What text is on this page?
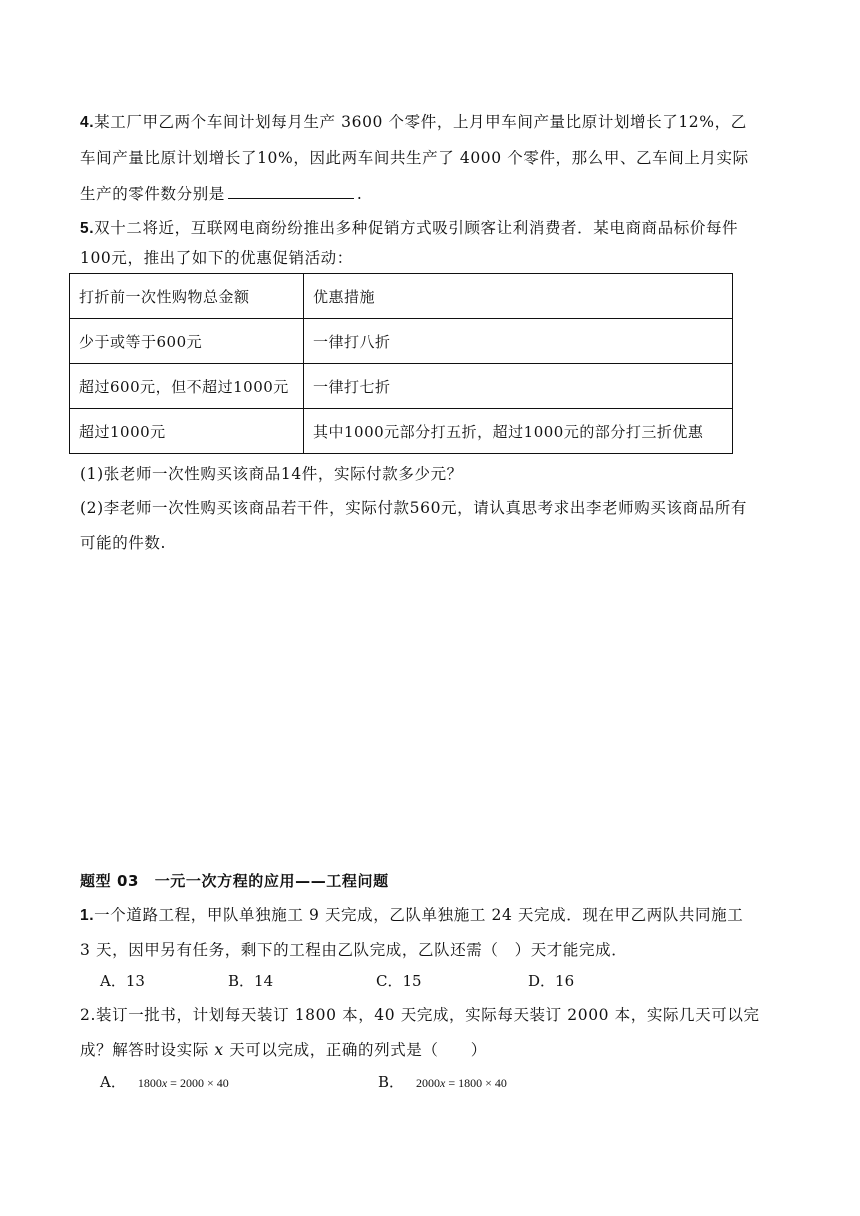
4.某工厂甲乙两个车间计划每月生产 3600 个零件，上月甲车间产量比原计划增长了12%，乙
车间产量比原计划增长了10%，因此两车间共生产了 4000 个零件，那么甲、乙车间上月实际
生产的零件数分别是	.
5.双十二将近，互联网电商纷纷推出多种促销方式吸引顾客让利消费者．某电商商品标价每件
100元，推出了如下的优惠促销活动：
打折前一次性购物总金额	优惠措施
少于或等于600元	一律打八折
超过600元，但不超过1000元	一律打七折
超过1000元	其中1000元部分打五折，超过1000元的部分打三折优惠
(1)张老师一次性购买该商品14件，实际付款多少元？
(2)李老师一次性购买该商品若干件，实际付款560元，请认真思考求出李老师购买该商品所有
可能的件数.
题型 03　一元一次方程的应用——工程问题
1.一个道路工程，甲队单独施工 9 天完成，乙队单独施工 24 天完成．现在甲乙两队共同施工
3 天，因甲另有任务，剩下的工程由乙队完成，乙队还需（　）天才能完成．
A．13	B．14	C．15	D．16
2.装订一批书，计划每天装订 1800 本，40 天完成，实际每天装订 2000 本，实际几天可以完
成？解答时设实际 x 天可以完成，正确的列式是（　　）
A． 1800x = 2000 × 40	B． 2000x = 1800 × 40
